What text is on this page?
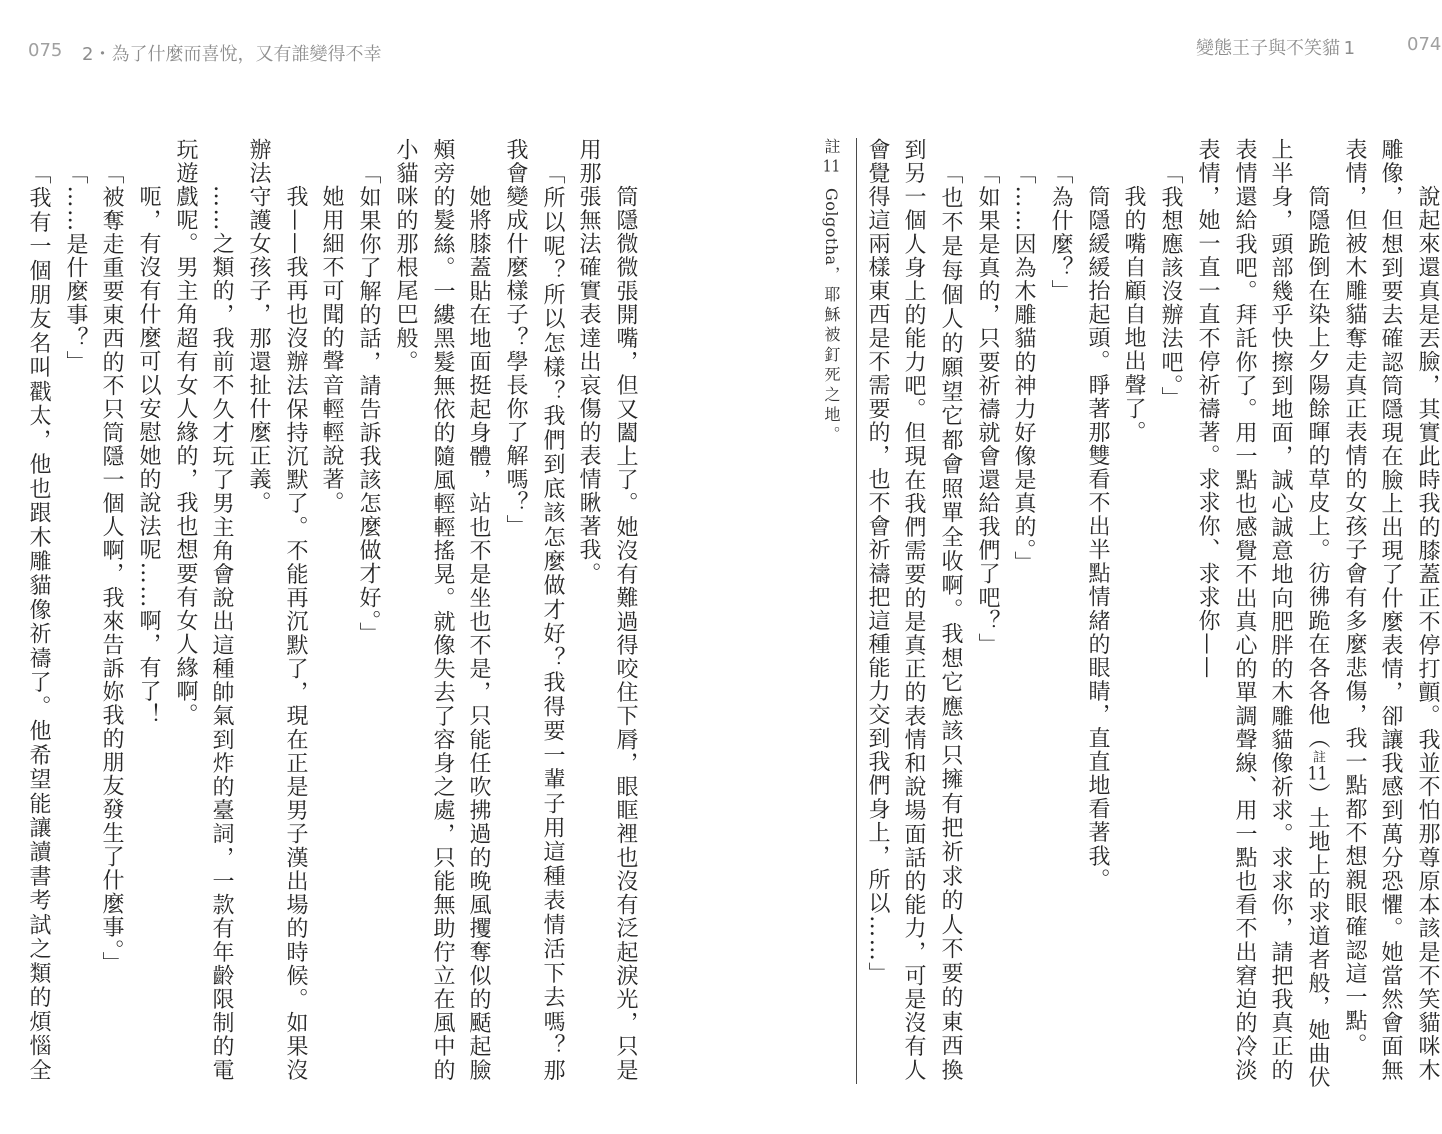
075 2・為了什麼而喜悅，又有誰變得不幸
筒隱微微張開嘴，但又闔上了。她沒有難過得咬住下脣，眼眶裡也沒有泛起淚光，只是
用那張無法確實表達出哀傷的表情瞅著我。
「所以呢？所以怎樣？我們到底該怎麼做才好？我得要一輩子用這種表情活下去嗎？那
我會變成什麼樣子？學長你了解嗎？」
她將膝蓋貼在地面挺起身體，站也不是坐也不是，只能任吹拂過的晚風攫奪似的颳起臉
頰旁的髮絲。一縷黑髮無依的隨風輕輕搖晃。就像失去了容身之處，只能無助佇立在風中的
小貓咪的那根尾巴般。
「如果你了解的話，請告訴我該怎麼做才好。」
她用細不可聞的聲音輕輕說著。
我——我再也沒辦法保持沉默了。不能再沉默了，現在正是男子漢出場的時候。如果沒
辦法守護女孩子，那還扯什麼正義。
……之類的，我前不久才玩了男主角會說出這種帥氣到炸的臺詞，一款有年齡限制的電
玩遊戲呢。男主角超有女人緣的，我也想要有女人緣啊。
呃，有沒有什麼可以安慰她的說法呢……啊，有了！
「被奪走重要東西的不只筒隱一個人啊，我來告訴妳我的朋友發生了什麼事。」
「……是什麼事？」
「我有一個朋友名叫戳太，他也跟木雕貓像祈禱了。他希望能讓讀書考試之類的煩惱全
變態王子與不笑貓  1	074
說起來還真是丟臉，其實此時我的膝蓋正不停打顫。我並不怕那尊原本該是不笑貓咪木
雕像，但想到要去確認筒隱現在臉上出現了什麼表情，卻讓我感到萬分恐懼。她當然會面無
表情，但被木雕貓奪走真正表情的女孩子會有多麼悲傷，我一點都不想親眼確認這一點。
筒隱跪倒在染上夕陽餘暉的草皮上。彷彿跪在各各他（註11）土地上的求道者般，她曲伏
上半身，頭部幾乎快擦到地面，誠心誠意地向肥胖的木雕貓像祈求。求求你，請把我真正的
表情還給我吧。拜託你了。用一點也感覺不出真心的單調聲線、用一點也看不出窘迫的冷淡
表情，她一直一直不停祈禱著。求求你、求求你——
「我想應該沒辦法吧。」
我的嘴自顧自地出聲了。
筒隱緩緩抬起頭。睜著那雙看不出半點情緒的眼睛，直直地看著我。
「為什麼？」
「……因為木雕貓的神力好像是真的。」
「如果是真的，只要祈禱就會還給我們了吧？」
「也不是每個人的願望它都會照單全收啊。我想它應該只擁有把祈求的人不要的東西換
到另一個人身上的能力吧。但現在我們需要的是真正的表情和說場面話的能力，可是沒有人
會覺得這兩樣東西是不需要的，也不會祈禱把這種能力交到我們身上，所以……」
註11Golgotha，耶穌被釘死之地。
